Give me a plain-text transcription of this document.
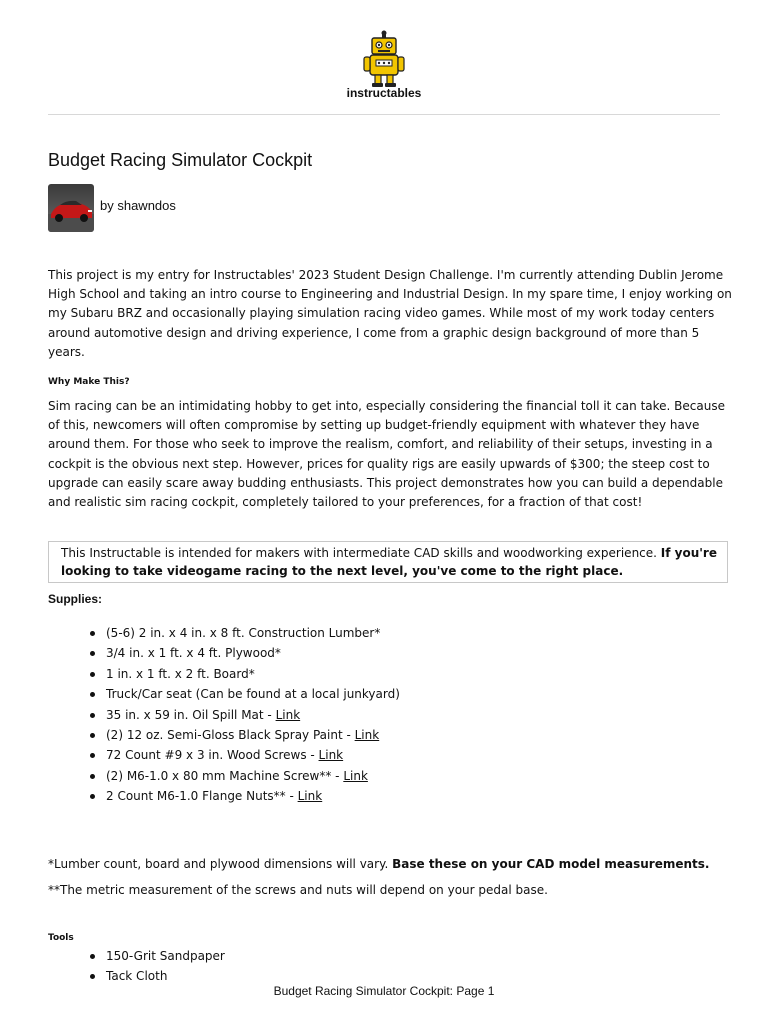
instructables
Budget Racing Simulator Cockpit
by shawndos

This project is my entry for Instructables' 2023 Student Design Challenge. I'm currently attending Dublin Jerome High School and taking an intro course to Engineering and Industrial Design. In my spare time, I enjoy working on my Subaru BRZ and occasionally playing simulation racing video games. While most of my work today centers around automotive design and driving experience, I come from a graphic design background of more than 5 years.

Why Make This?

Sim racing can be an intimidating hobby to get into, especially considering the financial toll it can take. Because of this, newcomers will often compromise by setting up budget-friendly equipment with whatever they have around them. For those who seek to improve the realism, comfort, and reliability of their setups, investing in a cockpit is the obvious next step. However, prices for quality rigs are easily upwards of $300; the steep cost to upgrade can easily scare away budding enthusiasts. This project demonstrates how you can build a dependable and realistic sim racing cockpit, completely tailored to your preferences, for a fraction of that cost!

This Instructable is intended for makers with intermediate CAD skills and woodworking experience. If you're looking to take videogame racing to the next level, you've come to the right place.
Supplies:
(5-6) 2 in. x 4 in. x 8 ft. Construction Lumber*
3/4 in. x 1 ft. x 4 ft. Plywood*
1 in. x 1 ft. x 2 ft. Board*
Truck/Car seat (Can be found at a local junkyard)
35 in. x 59 in. Oil Spill Mat - Link
(2) 12 oz. Semi-Gloss Black Spray Paint - Link
72 Count #9 x 3 in. Wood Screws - Link
(2) M6-1.0 x 80 mm Machine Screw** - Link
2 Count M6-1.0 Flange Nuts** - Link

*Lumber count, board and plywood dimensions will vary. Base these on your CAD model measurements.

**The metric measurement of the screws and nuts will depend on your pedal base.

Tools
150-Grit Sandpaper
Tack Cloth
Budget Racing Simulator Cockpit: Page 1
